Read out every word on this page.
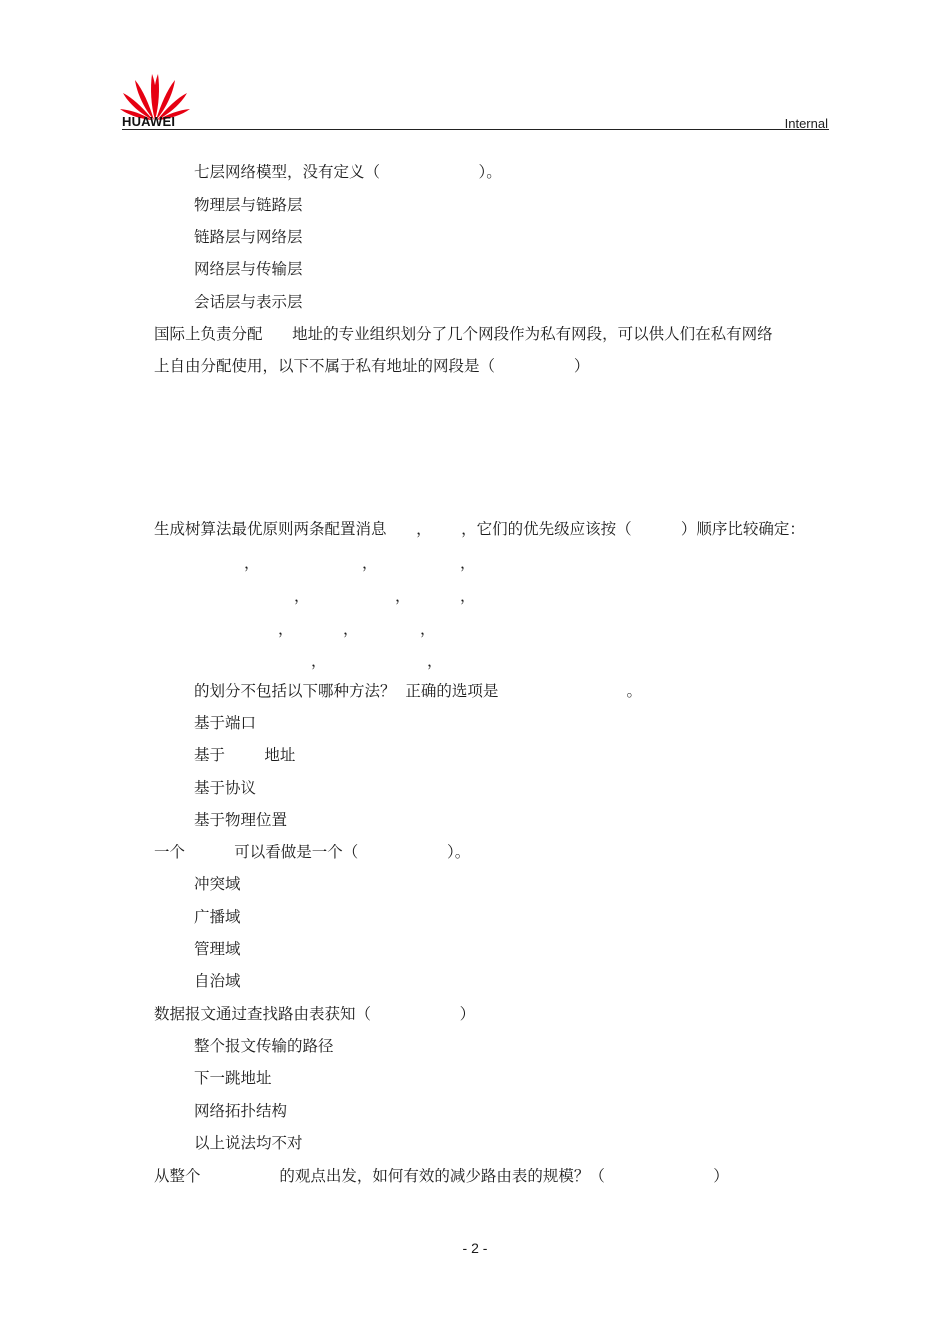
HUAWEI	Internal
七层网络模型，没有定义（                    ）。
物理层与链路层
链路层与网络层
网络层与传输层
会话层与表示层
国际上负责分配      地址的专业组织划分了几个网段作为私有网段，可以供人们在私有网络
上自由分配使用，以下不属于私有地址的网段是（                ）
生成树算法最优原则两条配置消息      ，      ，它们的优先级应该按（          ）顺序比较确定：
，	，	，
，	，	，
，	，	，
，	，
的划分不包括以下哪种方法？  正确的选项是                          。
基于端口
基于        地址
基于协议
基于物理位置
一个          可以看做是一个（                  ）。
冲突域
广播域
管理域
自治域
数据报文通过查找路由表获知（                  ）
整个报文传输的路径
下一跳地址
网络拓扑结构
以上说法均不对
从整个                的观点出发，如何有效的减少路由表的规模？（                      ）
- 2 -
